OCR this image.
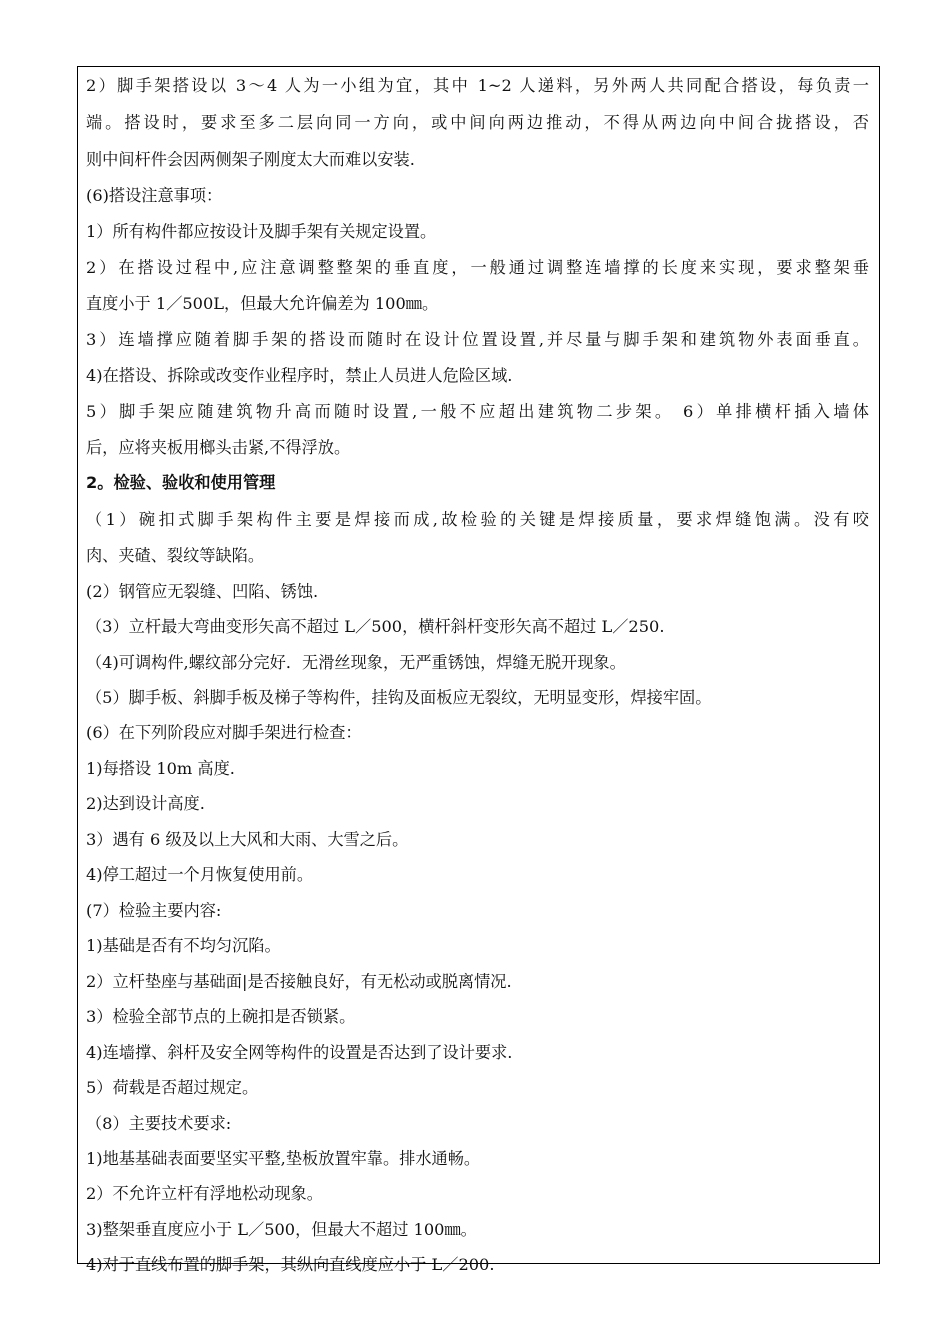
2）脚手架搭设以 3～4 人为一小组为宜，其中 1~2 人递料，另外两人共同配合搭设，每负责一
端。搭设时，要求至多二层向同一方向，或中间向两边推动，不得从两边向中间合拢搭设，否
则中间杆件会因两侧架子刚度太大而难以安装.
(6)搭设注意事项：
1）所有构件都应按设计及脚手架有关规定设置。
2）在搭设过程中,应注意调整整架的垂直度，一般通过调整连墙撑的长度来实现，要求整架垂
直度小于 1／500L，但最大允许偏差为 100㎜。
3）连墙撑应随着脚手架的搭设而随时在设计位置设置,并尽量与脚手架和建筑物外表面垂直。
4)在搭设、拆除或改变作业程序时，禁止人员进人危险区域.
5）脚手架应随建筑物升高而随时设置,一般不应超出建筑物二步架。 6）单排横杆插入墙体
后，应将夹板用榔头击紧,不得浮放。
2。检验、验收和使用管理
（1）碗扣式脚手架构件主要是焊接而成,故检验的关键是焊接质量，要求焊缝饱满。没有咬
肉、夹碴、裂纹等缺陷。
(2）钢管应无裂缝、凹陷、锈蚀.
（3）立杆最大弯曲变形矢高不超过 L／500，横杆斜杆变形矢高不超过 L／250.
（4)可调构件,螺纹部分完好．无滑丝现象，无严重锈蚀，焊缝无脱开现象。
（5）脚手板、斜脚手板及梯子等构件，挂钩及面板应无裂纹，无明显变形，焊接牢固。
(6）在下列阶段应对脚手架进行检查：
1)每搭设 10m 高度.
2)达到设计高度.
3）遇有 6 级及以上大风和大雨、大雪之后。
4)停工超过一个月恢复使用前。
(7）检验主要内容:
1)基础是否有不均匀沉陷。
2）立杆垫座与基础面|是否接触良好，有无松动或脱离情况.
3）检验全部节点的上碗扣是否锁紧。
4)连墙撑、斜杆及安全网等构件的设置是否达到了设计要求.
5）荷载是否超过规定。
（8）主要技术要求:
1)地基基础表面要坚实平整,垫板放置牢靠。排水通畅。
2）不允许立杆有浮地松动现象。
3)整架垂直度应小于 L／500，但最大不超过 100㎜。
4)对于直线布置的脚手架，其纵向直线度应小于 L／200.
